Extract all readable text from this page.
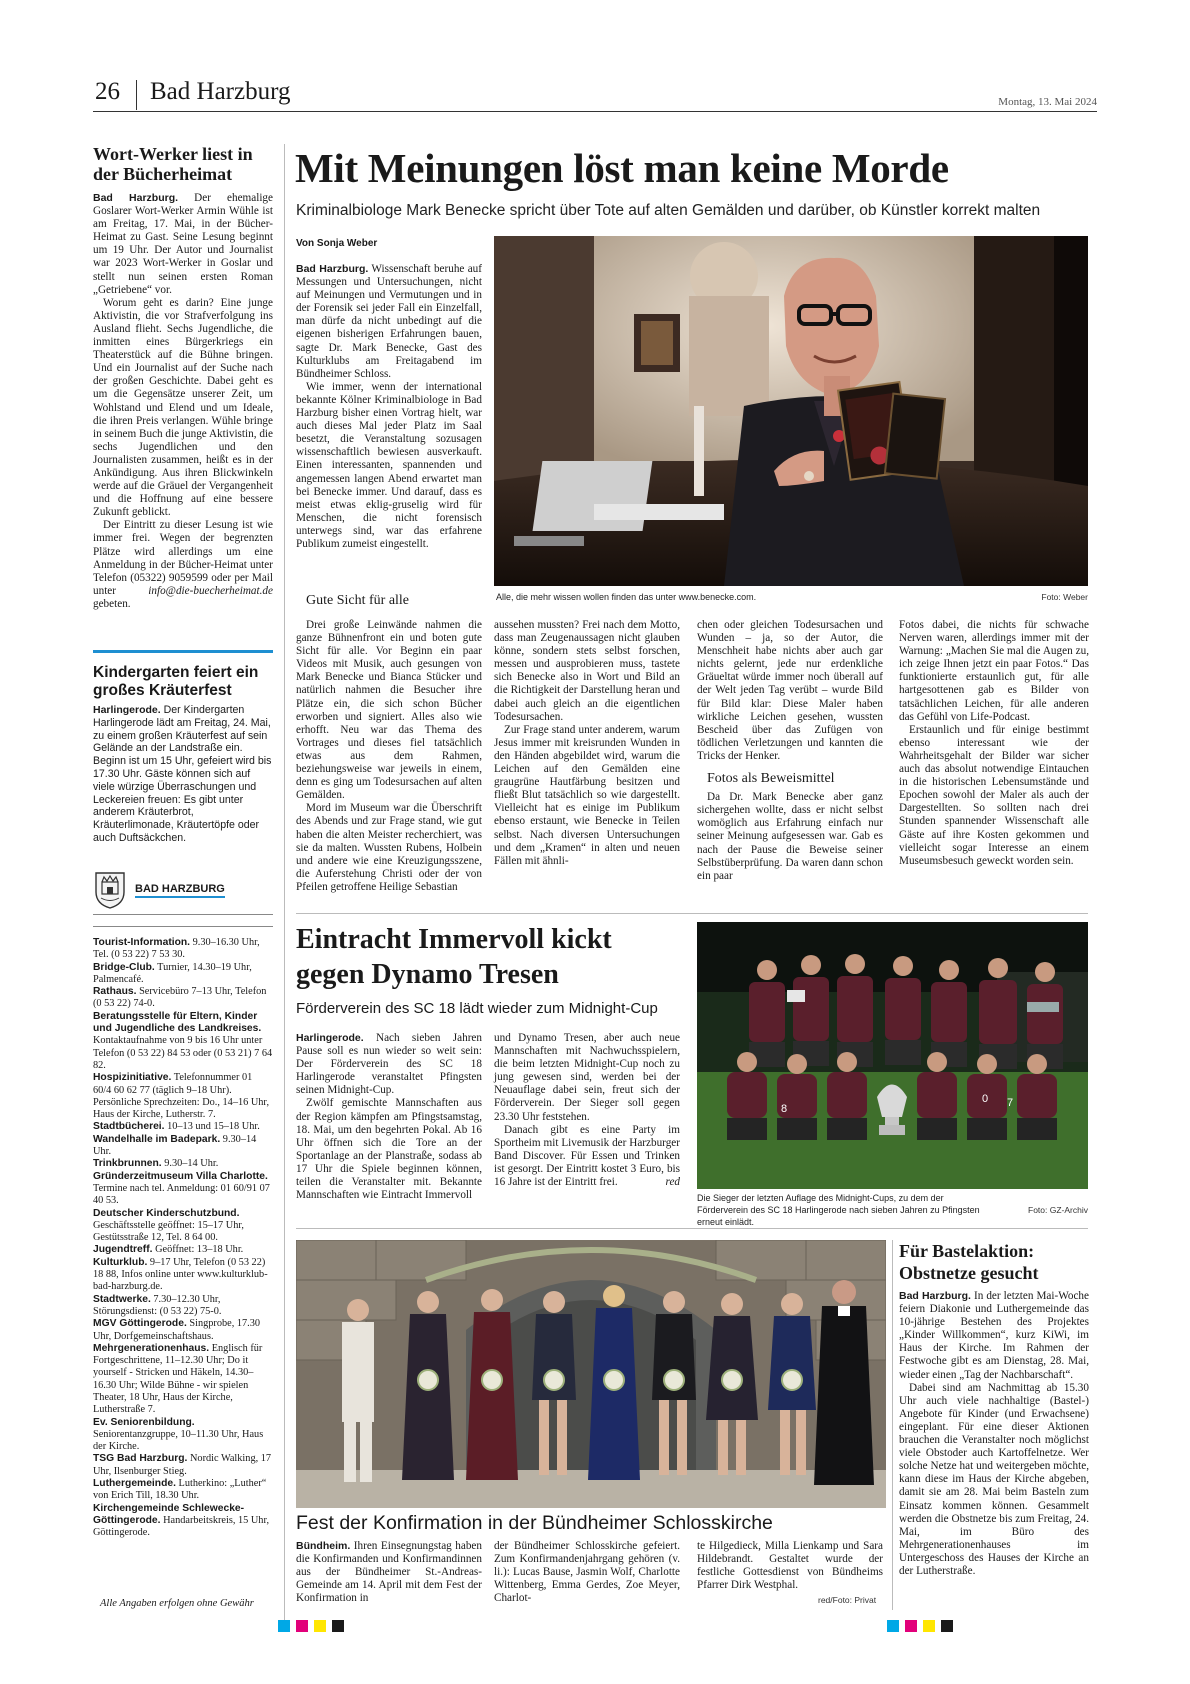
26 Bad Harzburg	Montag, 13. Mai 2024
Wort-Werker liest in der Bücherheimat

Bad Harzburg. Der ehemalige Goslarer Wort-Werker Armin Wühle ist am Freitag, 17. Mai, in der Bücher-Heimat zu Gast. Seine Lesung beginnt um 19 Uhr. Der Autor und Journalist war 2023 Wort-Werker in Goslar und stellt nun seinen ersten Roman „Getriebene“ vor.

Worum geht es darin? Eine junge Aktivistin, die vor Strafverfolgung ins Ausland flieht. Sechs Jugendliche, die inmitten eines Bürgerkriegs ein Theaterstück auf die Bühne bringen. Und ein Journalist auf der Suche nach der großen Geschichte. Dabei geht es um die Gegensätze unserer Zeit, um Wohlstand und Elend und um Ideale, die ihren Preis verlangen. Wühle bringe in seinem Buch die junge Aktivistin, die sechs Jugendlichen und den Journalisten zusammen, heißt es in der Ankündigung. Aus ihren Blickwinkeln werde auf die Gräuel der Vergangenheit und die Hoffnung auf eine bessere Zukunft geblickt.

Der Eintritt zu dieser Lesung ist wie immer frei. Wegen der begrenzten Plätze wird allerdings um eine Anmeldung in der Bücher-Heimat unter Telefon (05322) 9059599 oder per Mail unter info@die-buecherheimat.de gebeten.

Kindergarten feiert ein großes Kräuterfest

Harlingerode. Der Kindergarten Harlingerode lädt am Freitag, 24. Mai, zu einem großen Kräuterfest auf sein Gelände an der Landstraße ein. Beginn ist um 15 Uhr, gefeiert wird bis 17.30 Uhr. Gäste können sich auf viele würzige Überraschungen und Leckereien freuen: Es gibt unter anderem Kräuterbrot, Kräuterlimonade, Kräutertöpfe oder auch Duftsäckchen.

BAD HARZBURG
Tourist-Information. 9.30–16.30 Uhr, Tel. (0 53 22) 7 53 30.
Bridge-Club. Turnier, 14.30–19 Uhr, Palmencafé.
Rathaus. Servicebüro 7–13 Uhr, Telefon (0 53 22) 74-0.
Beratungsstelle für Eltern, Kinder und Jugendliche des Landkreises. Kontaktaufnahme von 9 bis 16 Uhr unter Telefon (0 53 22) 84 53 oder (0 53 21) 7 64 82.
Hospizinitiative. Telefonnummer 01 60/4 60 62 77 (täglich 9–18 Uhr). Persönliche Sprechzeiten: Do., 14–16 Uhr, Haus der Kirche, Lutherstr. 7.
Stadtbücherei. 10–13 und 15–18 Uhr.
Wandelhalle im Badepark. 9.30–14 Uhr.
Trinkbrunnen. 9.30–14 Uhr.
Gründerzeitmuseum Villa Charlotte. Termine nach tel. Anmeldung: 01 60/91 07 40 53.
Deutscher Kinderschutzbund. Geschäftsstelle geöffnet: 15–17 Uhr, Gestütsstraße 12, Tel. 8 64 00.
Jugendtreff. Geöffnet: 13–18 Uhr.
Kulturklub. 9–17 Uhr, Telefon (0 53 22) 18 88, Infos online unter www.kulturklub-bad-harzburg.de.
Stadtwerke. 7.30–12.30 Uhr, Störungsdienst: (0 53 22) 75-0.
MGV Göttingerode. Singprobe, 17.30 Uhr, Dorfgemeinschaftshaus.
Mehrgenerationenhaus. Englisch für Fortgeschrittene, 11–12.30 Uhr; Do it yourself - Stricken und Häkeln, 14.30–16.30 Uhr; Wilde Bühne - wir spielen Theater, 18 Uhr, Haus der Kirche, Lutherstraße 7.
Ev. Seniorenbildung. Seniorentanzgruppe, 10–11.30 Uhr, Haus der Kirche.
TSG Bad Harzburg. Nordic Walking, 17 Uhr, Ilsenburger Stieg.
Luthergemeinde. Lutherkino: „Luther“ von Erich Till, 18.30 Uhr.
Kirchengemeinde Schlewecke-Göttingerode. Handarbeitskreis, 15 Uhr, Göttingerode.
Alle Angaben erfolgen ohne Gewähr
Mit Meinungen löst man keine Morde
Kriminalbiologe Mark Benecke spricht über Tote auf alten Gemälden und darüber, ob Künstler korrekt malten
Von Sonja Weber

Bad Harzburg. Wissenschaft beruhe auf Messungen und Untersuchungen, nicht auf Meinungen und Vermutungen und in der Forensik sei jeder Fall ein Einzelfall, man dürfe da nicht unbedingt auf die eigenen bisherigen Erfahrungen bauen, sagte Dr. Mark Benecke, Gast des Kulturklubs am Freitagabend im Bündheimer Schloss.

Wie immer, wenn der international bekannte Kölner Kriminalbiologe in Bad Harzburg bisher einen Vortrag hielt, war auch dieses Mal jeder Platz im Saal besetzt, die Veranstaltung sozusagen wissenschaftlich bewiesen ausverkauft. Einen interessanten, spannenden und angemessen langen Abend erwartet man bei Benecke immer. Und darauf, dass es meist etwas eklig-gruselig wird für Menschen, die nicht forensisch unterwegs sind, war das erfahrene Publikum zumeist eingestellt.

Alle, die mehr wissen wollen finden das unter www.benecke.com.	Foto: Weber
Gute Sicht für alle

Drei große Leinwände nahmen die ganze Bühnenfront ein und boten gute Sicht für alle. Vor Beginn ein paar Videos mit Musik, auch gesungen von Mark Benecke und Bianca Stücker und natürlich nahmen die Besucher ihre Plätze ein, die sich schon Bücher erworben und signiert. Alles also wie erhofft. Neu war das Thema des Vortrages und dieses fiel tatsächlich etwas aus dem Rahmen, beziehungsweise war jeweils in einem, denn es ging um Todesursachen auf alten Gemälden.

Mord im Museum war die Überschrift des Abends und zur Frage stand, wie gut haben die alten Meister recherchiert, was sie da malten. Wussten Rubens, Holbein und andere wie eine Kreuzigungsszene, die Auferstehung Christi oder der von Pfeilen getroffene Heilige Sebastian

aussehen mussten? Frei nach dem Motto, dass man Zeugenaussagen nicht glauben könne, sondern stets selbst forschen, messen und ausprobieren muss, tastete sich Benecke also in Wort und Bild an die Richtigkeit der Darstellung heran und dabei auch gleich an die eigentlichen Todesursachen.

Zur Frage stand unter anderem, warum Jesus immer mit kreisrunden Wunden in den Händen abgebildet wird, warum die Leichen auf den Gemälden eine graugrüne Hautfärbung besitzen und fließt Blut tatsächlich so wie dargestellt. Vielleicht hat es einige im Publikum ebenso erstaunt, wie Benecke in Teilen selbst. Nach diversen Untersuchungen und dem „Kramen“ in alten und neuen Fällen mit ähnli-

chen oder gleichen Todesursachen und Wunden – ja, so der Autor, die Menschheit habe nichts aber auch gar nichts gelernt, jede nur erdenkliche Gräueltat würde immer noch überall auf der Welt jeden Tag verübt – wurde Bild für Bild klar: Diese Maler haben wirkliche Leichen gesehen, wussten Bescheid über das Zufügen von tödlichen Verletzungen und kannten die Tricks der Henker.

Fotos als Beweismittel

Da Dr. Mark Benecke aber ganz sichergehen wollte, dass er nicht selbst womöglich aus Erfahrung einfach nur seiner Meinung aufgesessen war. Gab es nach der Pause die Beweise seiner Selbstüberprüfung. Da waren dann schon ein paar

Fotos dabei, die nichts für schwache Nerven waren, allerdings immer mit der Warnung: „Machen Sie mal die Augen zu, ich zeige Ihnen jetzt ein paar Fotos.“ Das funktionierte erstaunlich gut, für alle hartgesottenen gab es Bilder von tatsächlichen Leichen, für alle anderen das Gefühl von Life-Podcast.

Erstaunlich und für einige bestimmt ebenso interessant wie der Wahrheitsgehalt der Bilder war sicher auch das absolut notwendige Eintauchen in die historischen Lebensumstände und Epochen sowohl der Maler als auch der Dargestellten. So sollten nach drei Stunden spannender Wissenschaft alle Gäste auf ihre Kosten gekommen und vielleicht sogar Interesse an einem Museumsbesuch geweckt worden sein.

Eintracht Immervoll kickt gegen Dynamo Tresen
Förderverein des SC 18 lädt wieder zum Midnight-Cup

Harlingerode. Nach sieben Jahren Pause soll es nun wieder so weit sein: Der Förderverein des SC 18 Harlingerode veranstaltet Pfingsten seinen Midnight-Cup.

Zwölf gemischte Mannschaften aus der Region kämpfen am Pfingstsamstag, 18. Mai, um den begehrten Pokal. Ab 16 Uhr öffnen sich die Tore an der Sportanlage an der Planstraße, sodass ab 17 Uhr die Spiele beginnen können, teilen die Veranstalter mit. Bekannte Mannschaften wie Eintracht Immervoll

und Dynamo Tresen, aber auch neue Mannschaften mit Nachwuchsspielern, die beim letzten Midnight-Cup noch zu jung gewesen sind, werden bei der Neuauflage dabei sein, freut sich der Förderverein. Der Sieger soll gegen 23.30 Uhr feststehen.

Danach gibt es eine Party im Sportheim mit Livemusik der Harzburger Band Discover. Für Essen und Trinken ist gesorgt. Der Eintritt kostet 3 Euro, bis 16 Jahre ist der Eintritt frei.	red

8
0 7
Die Sieger der letzten Auflage des Midnight-Cups, zu dem der Förderverein des SC 18 Harlingerode nach sieben Jahren zu Pfingsten erneut einlädt.
Foto: GZ-Archiv
Fest der Konfirmation in der Bündheimer Schlosskirche

Bündheim. Ihren Einsegnungstag haben die Konfirmanden und Konfirmandinnen aus der Bündheimer St.-Andreas-Gemeinde am 14. April mit dem Fest der Konfirmation in

der Bündheimer Schlosskirche gefeiert. Zum Konfirmandenjahrgang gehören (v. li.): Lucas Bause, Jasmin Wolf, Charlotte Wittenberg, Emma Gerdes, Zoe Meyer, Charlot-

te Hilgedieck, Milla Lienkamp und Sara Hildebrandt. Gestaltet wurde der festliche Gottesdienst von Bündheims Pfarrer Dirk Westphal.

red/Foto: Privat
Für Bastelaktion: Obstnetze gesucht

Bad Harzburg. In der letzten Mai-Woche feiern Diakonie und Luthergemeinde das 10-jährige Bestehen des Projektes „Kinder Willkommen“, kurz KiWi, im Haus der Kirche. Im Rahmen der Festwoche gibt es am Dienstag, 28. Mai, wieder einen „Tag der Nachbarschaft“.

Dabei sind am Nachmittag ab 15.30 Uhr auch viele nachhaltige (Bastel-) Angebote für Kinder (und Erwachsene) eingeplant. Für eine dieser Aktionen brauchen die Veranstalter noch möglichst viele Obstoder auch Kartoffelnetze. Wer solche Netze hat und weitergeben möchte, kann diese im Haus der Kirche abgeben, damit sie am 28. Mai beim Basteln zum Einsatz kommen können. Gesammelt werden die Obstnetze bis zum Freitag, 24. Mai, im Büro des Mehrgenerationenhauses im Untergeschoss des Hauses der Kirche an der Lutherstraße.
